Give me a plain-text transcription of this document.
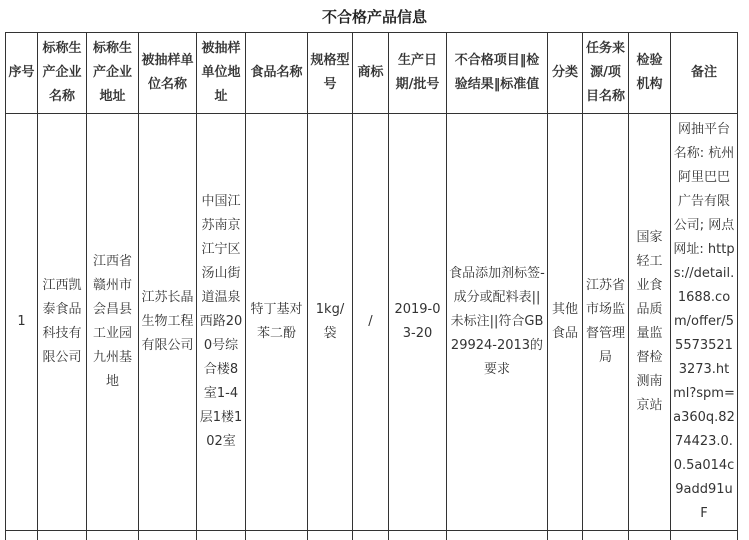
不合格产品信息
序号	标称生产企业名称	标称生产企业地址	被抽样单位名称	被抽样单位地址	食品名称	规格型号	商标	生产日期/批号	不合格项目‖检验结果‖标准值	分类	任务来源/项目名称	检验机构	备注
1	江西凯泰食品科技有限公司	江西省赣州市会昌县工业园九州基地	江苏长晶生物工程有限公司	中国江苏南京江宁区汤山街道温泉西路200号综合楼8室1-4层1楼102室	特丁基对苯二酚	1kg/袋	/	2019-03-20	食品添加剂标签-成分或配料表||未标注||符合GB29924-2013的要求	其他食品	江苏省市场监督管理局	国家轻工业食品质量监督检测南京站	网抽平台名称: 杭州阿里巴巴广告有限公司; 网点网址: https://detail.1688.com/offer/555735213273.html?spm=a360q.8274423.0.0.5a014c9add91uF
